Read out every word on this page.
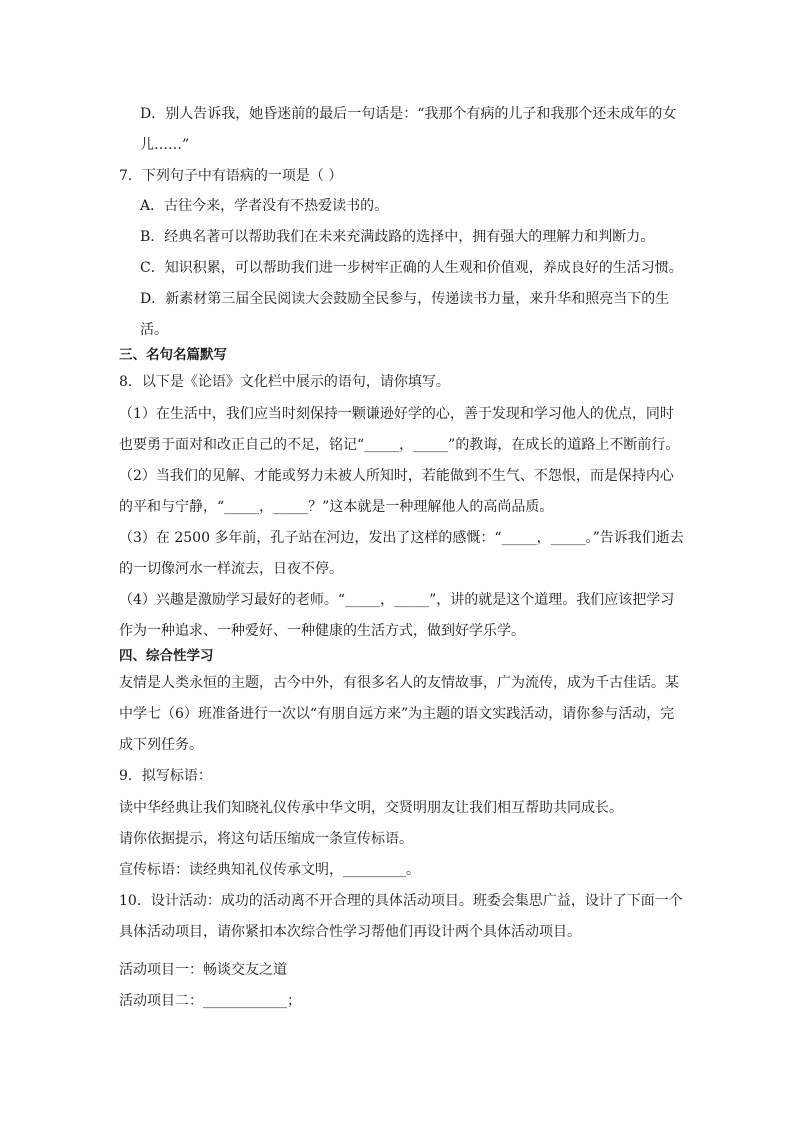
D．别人告诉我，她昏迷前的最后一句话是：“我那个有病的儿子和我那个还未成年的女
儿……”
7．下列句子中有语病的一项是（ ）
A．古往今来，学者没有不热爱读书的。
B．经典名著可以帮助我们在未来充满歧路的选择中，拥有强大的理解力和判断力。
C．知识积累，可以帮助我们进一步树牢正确的人生观和价值观，养成良好的生活习惯。
D．新素材第三届全民阅读大会鼓励全民参与，传递读书力量，来升华和照亮当下的生
活。
三、名句名篇默写
8．以下是《论语》文化栏中展示的语句，请你填写。
（1）在生活中，我们应当时刻保持一颗谦逊好学的心，善于发现和学习他人的优点，同时
也要勇于面对和改正自己的不足，铭记“_____，_____”的教诲，在成长的道路上不断前行。
（2）当我们的见解、才能或努力未被人所知时，若能做到不生气、不怨恨，而是保持内心
的平和与宁静，“_____，_____？”这本就是一种理解他人的高尚品质。
（3）在 2500 多年前，孔子站在河边，发出了这样的感慨：“_____，_____。”告诉我们逝去
的一切像河水一样流去，日夜不停。
（4）兴趣是激励学习最好的老师。“_____，_____”，讲的就是这个道理。我们应该把学习
作为一种追求、一种爱好、一种健康的生活方式，做到好学乐学。
四、综合性学习
友情是人类永恒的主题，古今中外，有很多名人的友情故事，广为流传，成为千古佳话。某
中学七（6）班准备进行一次以“有朋自远方来”为主题的语文实践活动，请你参与活动，完
成下列任务。
9．拟写标语：
读中华经典让我们知晓礼仪传承中华文明，交贤明朋友让我们相互帮助共同成长。
请你依据提示，将这句话压缩成一条宣传标语。
宣传标语：读经典知礼仪传承文明，_________。
10．设计活动：成功的活动离不开合理的具体活动项目。班委会集思广益，设计了下面一个
具体活动项目，请你紧扣本次综合性学习帮他们再设计两个具体活动项目。
活动项目一：畅谈交友之道
活动项目二：____________；
